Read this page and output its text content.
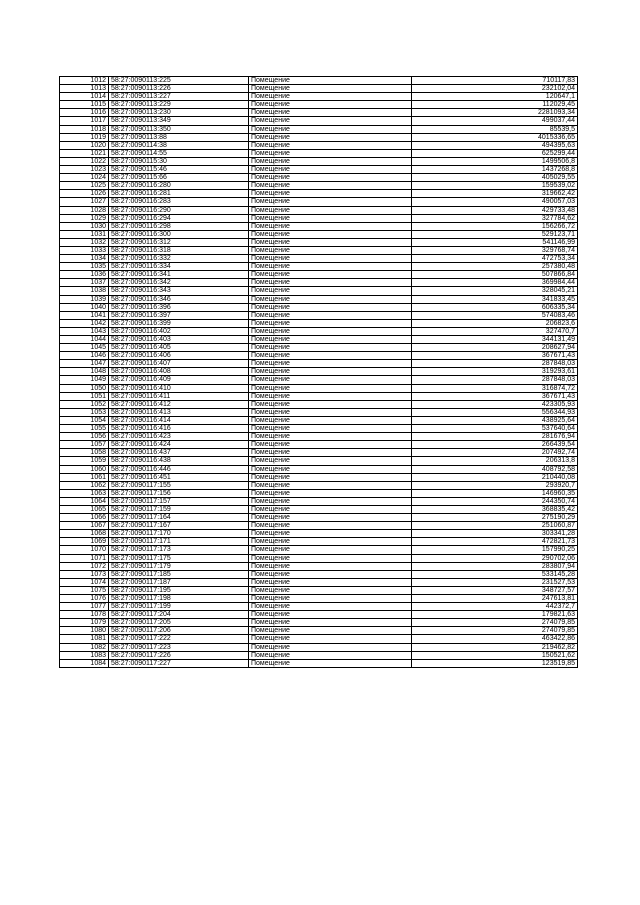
1012	58:27:0090113:225	Помещение	710117,83
1013	58:27:0090113:226	Помещение	232102,04
1014	58:27:0090113:227	Помещение	120647,1
1015	58:27:0090113:229	Помещение	112029,45
1016	58:27:0090113:230	Помещение	2281093,34
1017	58:27:0090113:349	Помещение	499037,44
1018	58:27:0090113:350	Помещение	85539,5
1019	58:27:0090113:88	Помещение	4015336,65
1020	58:27:0090114:38	Помещение	494395,63
1021	58:27:0090114:55	Помещение	625299,44
1022	58:27:0090115:30	Помещение	1499506,8
1023	58:27:0090115:46	Помещение	1437268,8
1024	58:27:0090115:66	Помещение	405029,55
1025	58:27:0090116:280	Помещение	159539,02
1026	58:27:0090116:281	Помещение	319662,42
1027	58:27:0090116:283	Помещение	490057,03
1028	58:27:0090116:290	Помещение	429733,48
1029	58:27:0090116:294	Помещение	327784,62
1030	58:27:0090116:298	Помещение	156266,72
1031	58:27:0090116:300	Помещение	529123,71
1032	58:27:0090116:312	Помещение	541146,99
1033	58:27:0090116:318	Помещение	329768,74
1034	58:27:0090116:332	Помещение	472753,34
1035	58:27:0090116:334	Помещение	257380,48
1036	58:27:0090116:341	Помещение	507866,84
1037	58:27:0090116:342	Помещение	369984,44
1038	58:27:0090116:343	Помещение	328045,21
1039	58:27:0090116:346	Помещение	341833,45
1040	58:27:0090116:396	Помещение	606335,34
1041	58:27:0090116:397	Помещение	574083,46
1042	58:27:0090116:399	Помещение	206823,6
1043	58:27:0090116:402	Помещение	327470,7
1044	58:27:0090116:403	Помещение	344131,49
1045	58:27:0090116:405	Помещение	208627,94
1046	58:27:0090116:406	Помещение	367671,43
1047	58:27:0090116:407	Помещение	287848,03
1048	58:27:0090116:408	Помещение	319293,61
1049	58:27:0090116:409	Помещение	287848,03
1050	58:27:0090116:410	Помещение	316874,72
1051	58:27:0090116:411	Помещение	367671,43
1052	58:27:0090116:412	Помещение	423305,93
1053	58:27:0090116:413	Помещение	556344,93
1054	58:27:0090116:414	Помещение	438925,64
1055	58:27:0090116:416	Помещение	537640,64
1056	58:27:0090116:423	Помещение	281676,94
1057	58:27:0090116:424	Помещение	266439,54
1058	58:27:0090116:437	Помещение	207492,74
1059	58:27:0090116:438	Помещение	206313,8
1060	58:27:0090116:446	Помещение	408792,58
1061	58:27:0090116:451	Помещение	210440,08
1062	58:27:0090117:155	Помещение	293920,7
1063	58:27:0090117:156	Помещение	146960,35
1064	58:27:0090117:157	Помещение	244350,74
1065	58:27:0090117:159	Помещение	368835,42
1066	58:27:0090117:164	Помещение	275190,29
1067	58:27:0090117:167	Помещение	251060,87
1068	58:27:0090117:170	Помещение	303341,28
1069	58:27:0090117:171	Помещение	472821,73
1070	58:27:0090117:173	Помещение	157990,25
1071	58:27:0090117:175	Помещение	290702,06
1072	58:27:0090117:179	Помещение	283807,94
1073	58:27:0090117:185	Помещение	533145,28
1074	58:27:0090117:187	Помещение	231527,53
1075	58:27:0090117:195	Помещение	348727,57
1076	58:27:0090117:198	Помещение	247613,81
1077	58:27:0090117:199	Помещение	442372,7
1078	58:27:0090117:204	Помещение	179821,63
1079	58:27:0090117:205	Помещение	274079,85
1080	58:27:0090117:206	Помещение	274079,85
1081	58:27:0090117:222	Помещение	463422,86
1082	58:27:0090117:223	Помещение	219462,82
1083	58:27:0090117:226	Помещение	150521,62
1084	58:27:0090117:227	Помещение	123519,85
